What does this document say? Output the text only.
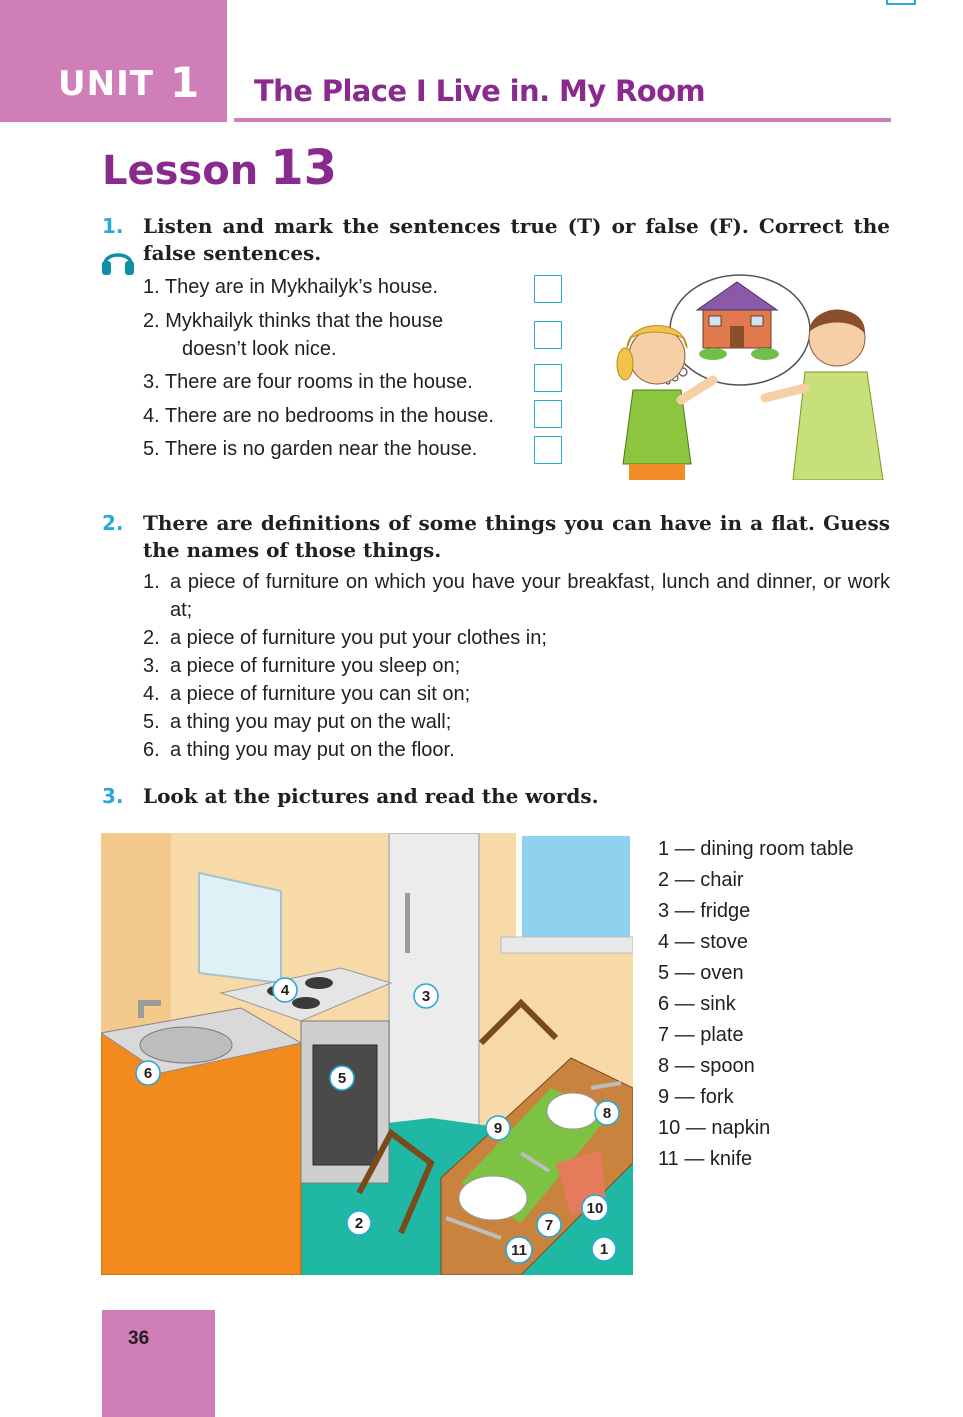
UNIT 1 The Place I Live in. My Room
Lesson 13
1. Listen and mark the sentences true (T) or false (F). Correct the false sentences.
1. They are in Mykhailyk’s house.
2. Mykhailyk thinks that the house
doesn’t look nice.
3. There are four rooms in the house.
4. There are no bedrooms in the house.
5. There is no garden near the house.
2. There are definitions of some things you can have in a flat. Guess the names of those things.
1. a piece of furniture on which you have your breakfast, lunch and dinner, or work at;
2. a piece of furniture you put your clothes in;
3. a piece of furniture you sleep on;
4. a piece of furniture you can sit on;
5. a thing you may put on the wall;
6. a thing you may put on the floor.
3. Look at the pictures and read the words.
1
2
3
4
5
6
7
8
9
10
11
1 — dining room table
2 — chair
3 — fridge
4 — stove
5 — oven
6 — sink
7 — plate
8 — spoon
9 — fork
10 — napkin
11 — knife
36
